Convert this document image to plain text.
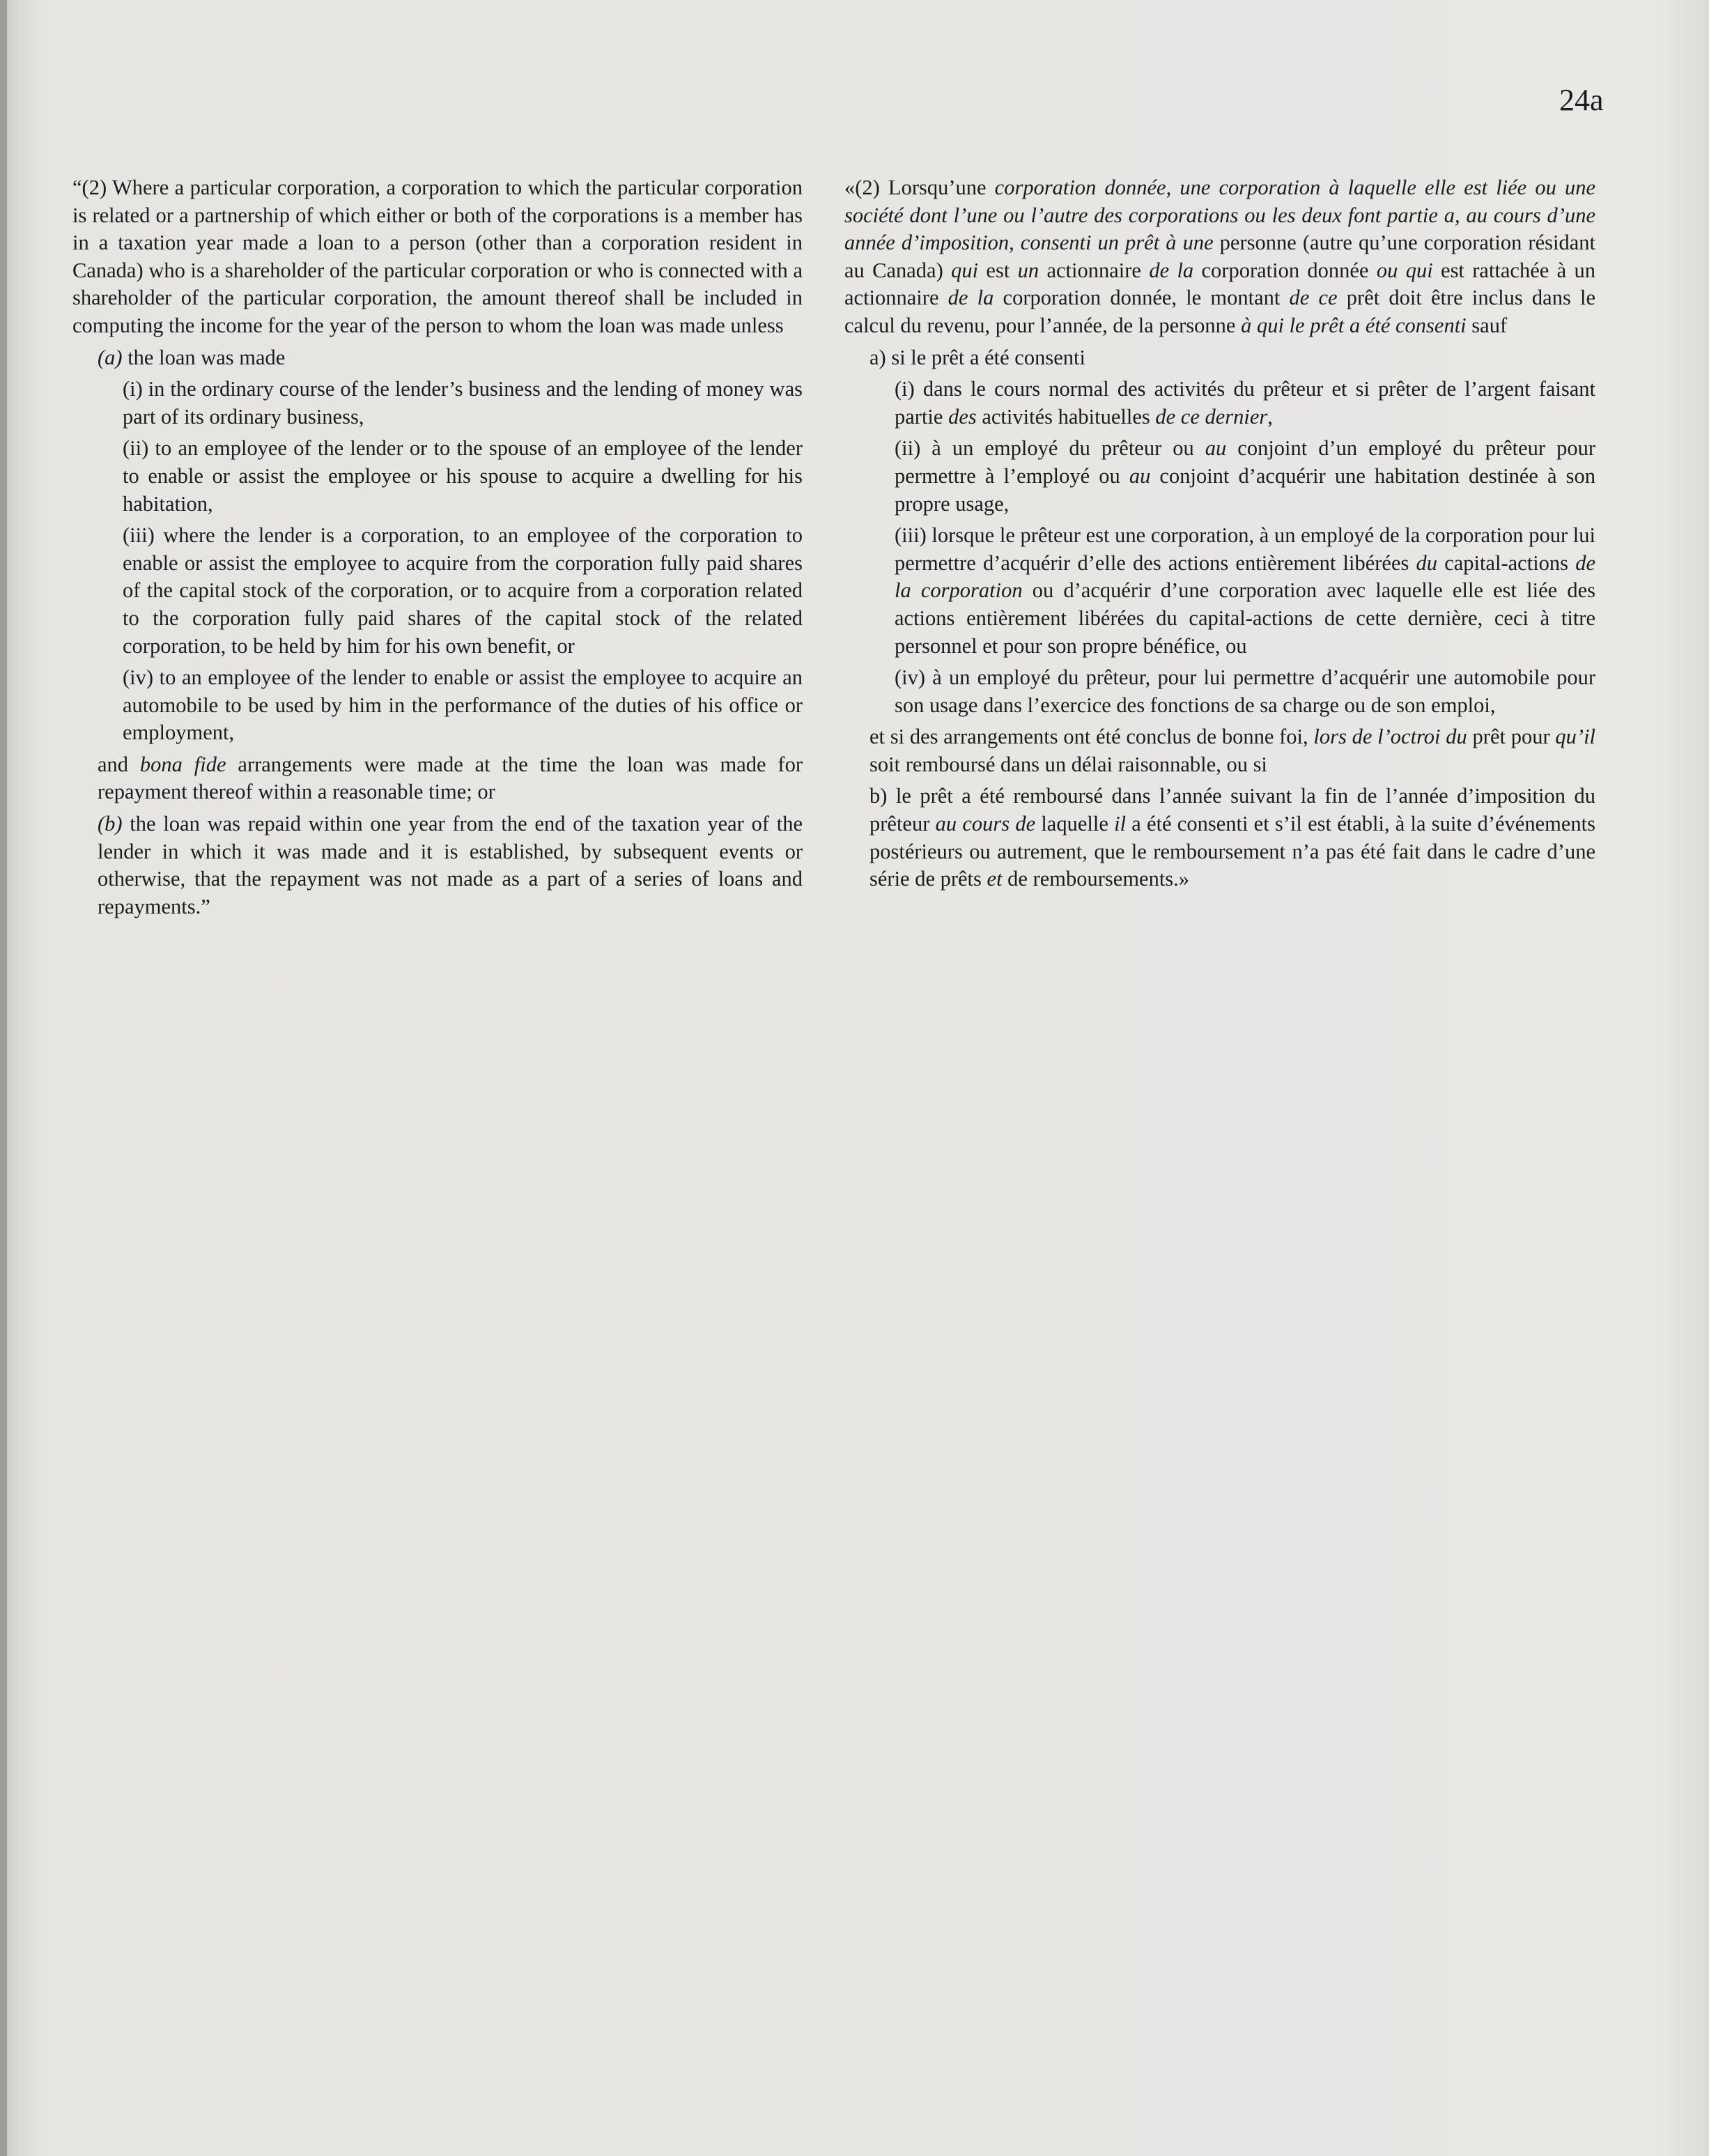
24a

“(2) Where a particular corporation, a corporation to which the particular corporation is related or a partnership of which either or both of the corporations is a member has in a taxation year made a loan to a person (other than a corporation resident in Canada) who is a shareholder of the particular corporation or who is connected with a shareholder of the particular corporation, the amount thereof shall be included in computing the income for the year of the person to whom the loan was made unless

(a) the loan was made

(i) in the ordinary course of the lender’s business and the lending of money was part of its ordinary business,

(ii) to an employee of the lender or to the spouse of an employee of the lender to enable or assist the employee or his spouse to acquire a dwelling for his habitation,

(iii) where the lender is a corporation, to an employee of the corporation to enable or assist the employee to acquire from the corporation fully paid shares of the capital stock of the corporation, or to acquire from a corporation related to the corporation fully paid shares of the capital stock of the related corporation, to be held by him for his own benefit, or

(iv) to an employee of the lender to enable or assist the employee to acquire an automobile to be used by him in the performance of the duties of his office or employment,

and bona fide arrangements were made at the time the loan was made for repayment thereof within a reasonable time; or

(b) the loan was repaid within one year from the end of the taxation year of the lender in which it was made and it is established, by subsequent events or otherwise, that the repayment was not made as a part of a series of loans and repayments.”

«(2) Lorsqu’une corporation donnée, une corporation à laquelle elle est liée ou une société dont l’une ou l’autre des corporations ou les deux font partie a, au cours d’une année d’imposition, consenti un prêt à une personne (autre qu’une corporation résidant au Canada) qui est un actionnaire de la corporation donnée ou qui est rattachée à un actionnaire de la corporation donnée, le montant de ce prêt doit être inclus dans le calcul du revenu, pour l’année, de la personne à qui le prêt a été consenti sauf

a) si le prêt a été consenti

(i) dans le cours normal des activités du prêteur et si prêter de l’argent faisant partie des activités habituelles de ce dernier,

(ii) à un employé du prêteur ou au conjoint d’un employé du prêteur pour permettre à l’employé ou au conjoint d’acquérir une habitation destinée à son propre usage,

(iii) lorsque le prêteur est une corporation, à un employé de la corporation pour lui permettre d’acquérir d’elle des actions entièrement libérées du capital-actions de la corporation ou d’acquérir d’une corporation avec laquelle elle est liée des actions entièrement libérées du capital-actions de cette dernière, ceci à titre personnel et pour son propre bénéfice, ou

(iv) à un employé du prêteur, pour lui permettre d’acquérir une automobile pour son usage dans l’exercice des fonctions de sa charge ou de son emploi,

et si des arrangements ont été conclus de bonne foi, lors de l’octroi du prêt pour qu’il soit remboursé dans un délai raisonnable, ou si

b) le prêt a été remboursé dans l’année suivant la fin de l’année d’imposition du prêteur au cours de laquelle il a été consenti et s’il est établi, à la suite d’événements postérieurs ou autrement, que le remboursement n’a pas été fait dans le cadre d’une série de prêts et de remboursements.»
